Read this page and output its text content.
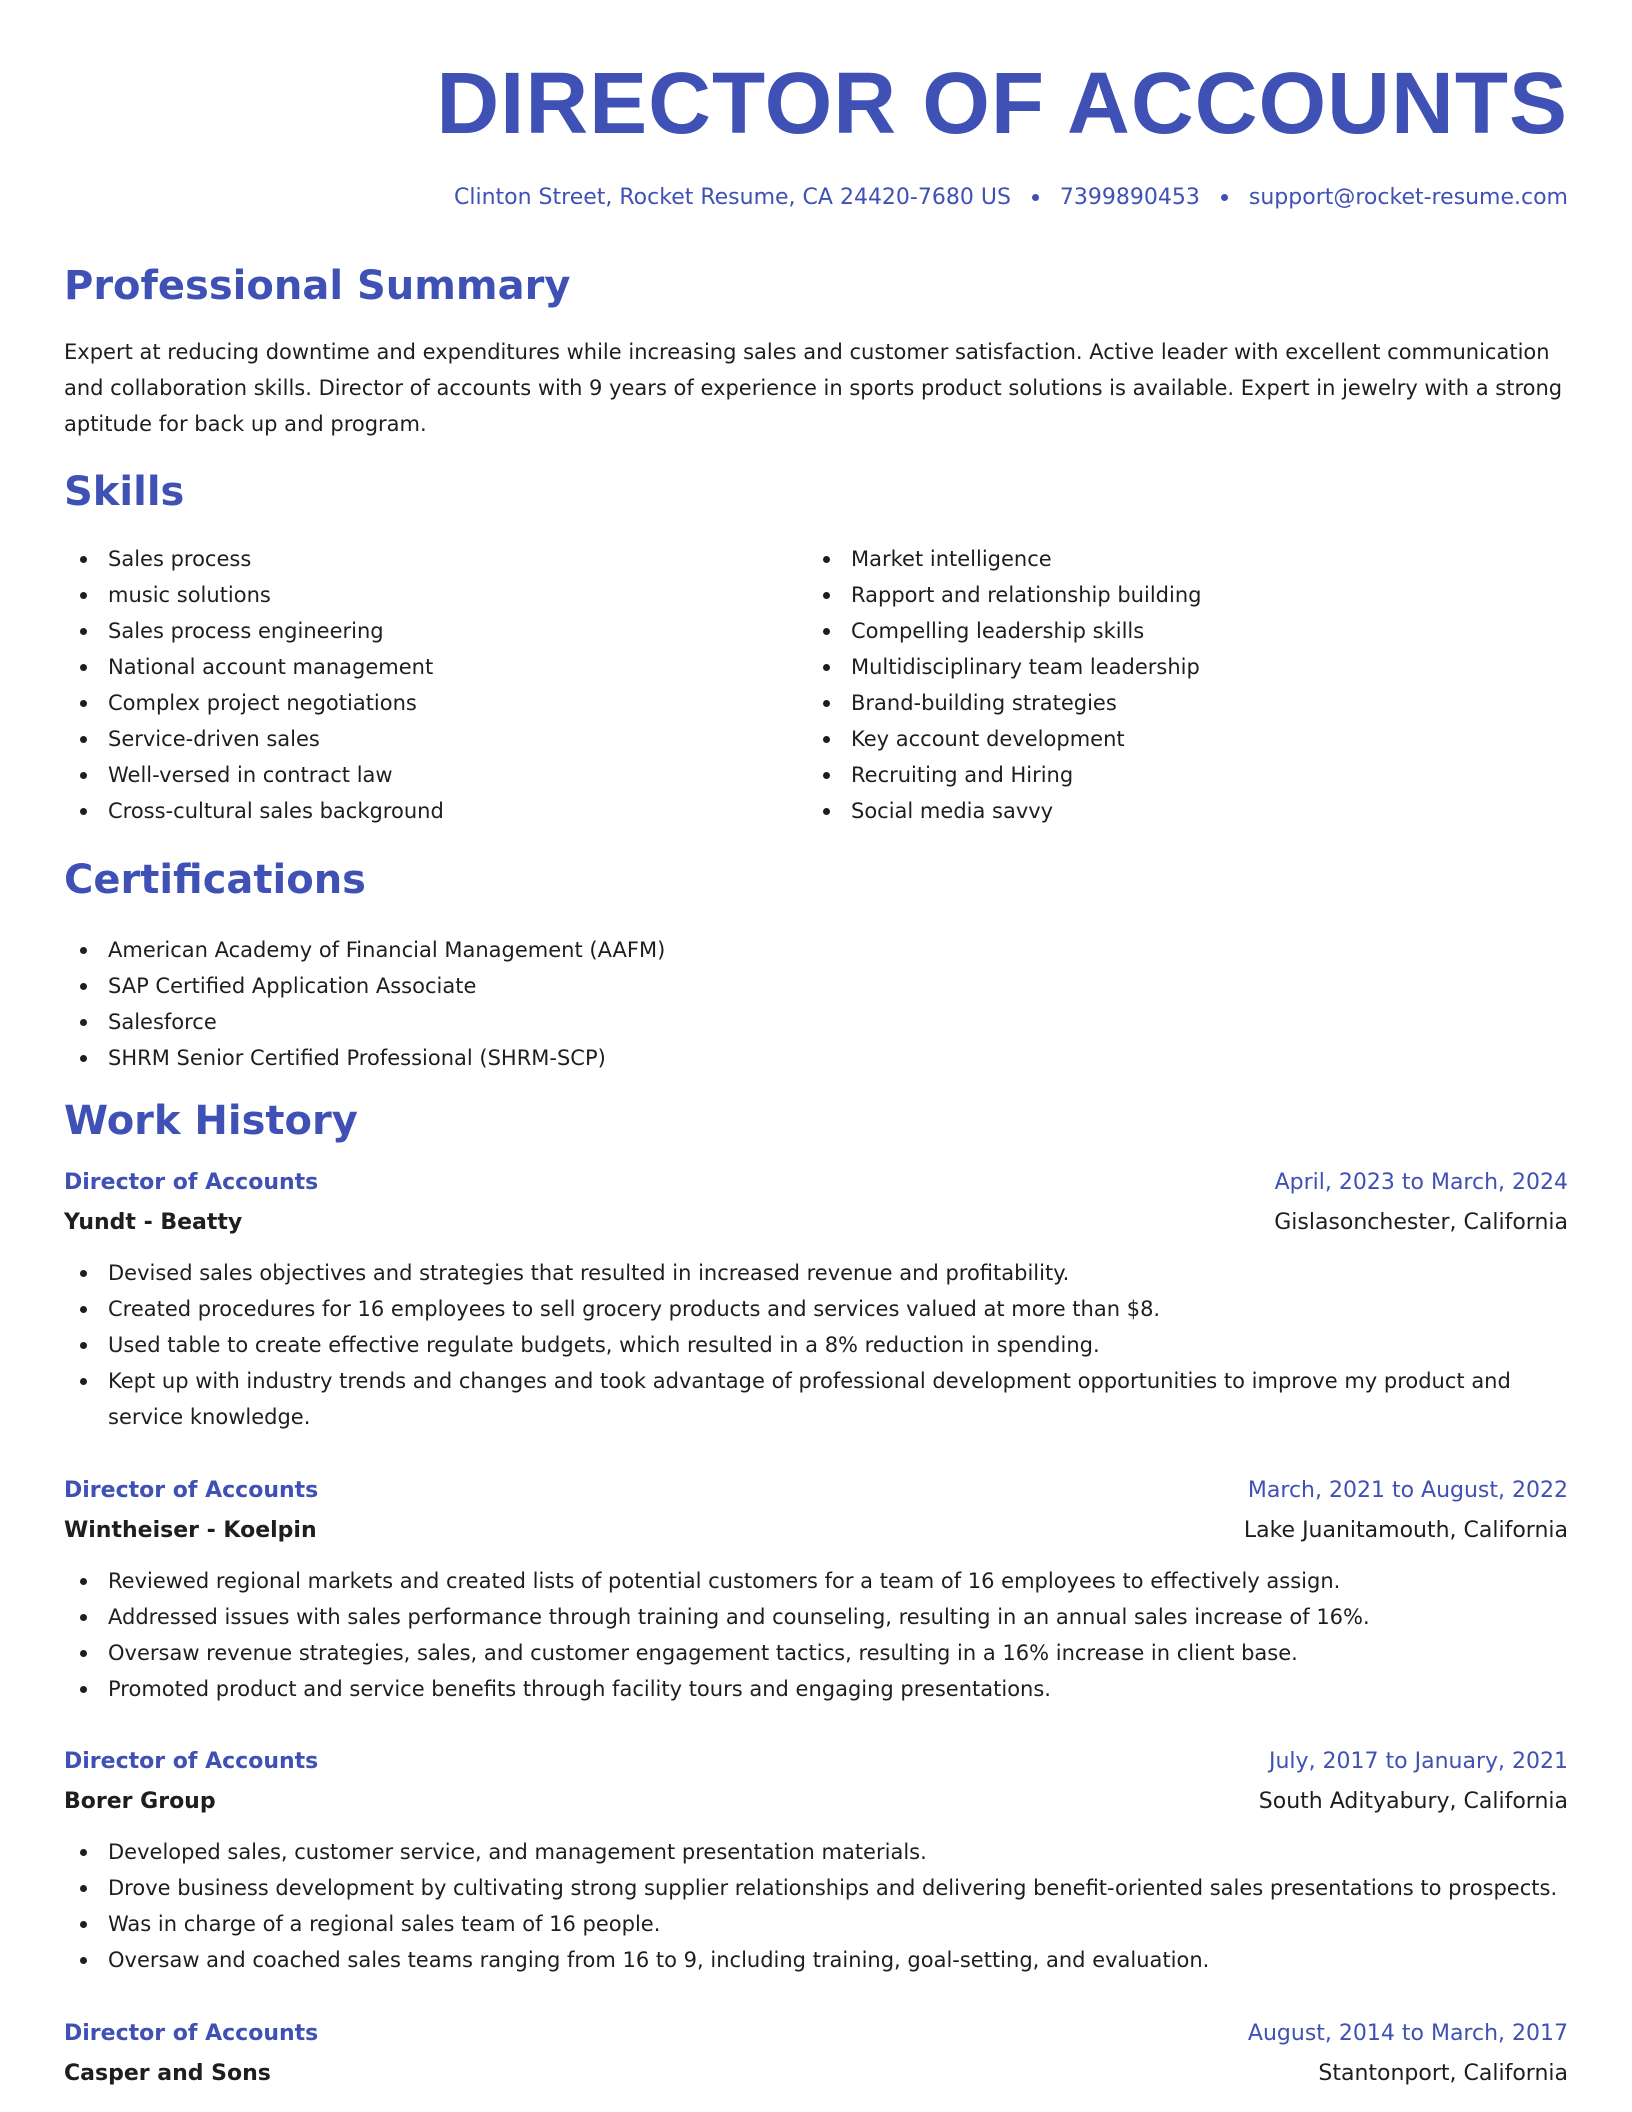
DIRECTOR OF ACCOUNTS
Clinton Street, Rocket Resume, CA 24420-7680 US 7399890453 support@rocket-resume.com
Professional Summary

Expert at reducing downtime and expenditures while increasing sales and customer satisfaction. Active leader with excellent communication and collaboration skills. Director of accounts with 9 years of experience in sports product solutions is available. Expert in jewelry with a strong aptitude for back up and program.

Skills
Sales process
music solutions
Sales process engineering
National account management
Complex project negotiations
Service-driven sales
Well-versed in contract law
Cross-cultural sales background
Market intelligence
Rapport and relationship building
Compelling leadership skills
Multidisciplinary team leadership
Brand-building strategies
Key account development
Recruiting and Hiring
Social media savvy
Certifications
American Academy of Financial Management (AAFM)
SAP Certified Application Associate
Salesforce
SHRM Senior Certified Professional (SHRM-SCP)
Work History
Director of Accounts	April, 2023 to March, 2024
Yundt - Beatty	Gislasonchester, California
Devised sales objectives and strategies that resulted in increased revenue and profitability.
Created procedures for 16 employees to sell grocery products and services valued at more than $8.
Used table to create effective regulate budgets, which resulted in a 8% reduction in spending.
Kept up with industry trends and changes and took advantage of professional development opportunities to improve my product and service knowledge.
Director of Accounts	March, 2021 to August, 2022
Wintheiser - Koelpin	Lake Juanitamouth, California
Reviewed regional markets and created lists of potential customers for a team of 16 employees to effectively assign.
Addressed issues with sales performance through training and counseling, resulting in an annual sales increase of 16%.
Oversaw revenue strategies, sales, and customer engagement tactics, resulting in a 16% increase in client base.
Promoted product and service benefits through facility tours and engaging presentations.
Director of Accounts	July, 2017 to January, 2021
Borer Group	South Adityabury, California
Developed sales, customer service, and management presentation materials.
Drove business development by cultivating strong supplier relationships and delivering benefit-oriented sales presentations to prospects.
Was in charge of a regional sales team of 16 people.
Oversaw and coached sales teams ranging from 16 to 9, including training, goal-setting, and evaluation.
Director of Accounts	August, 2014 to March, 2017
Casper and Sons	Stantonport, California
